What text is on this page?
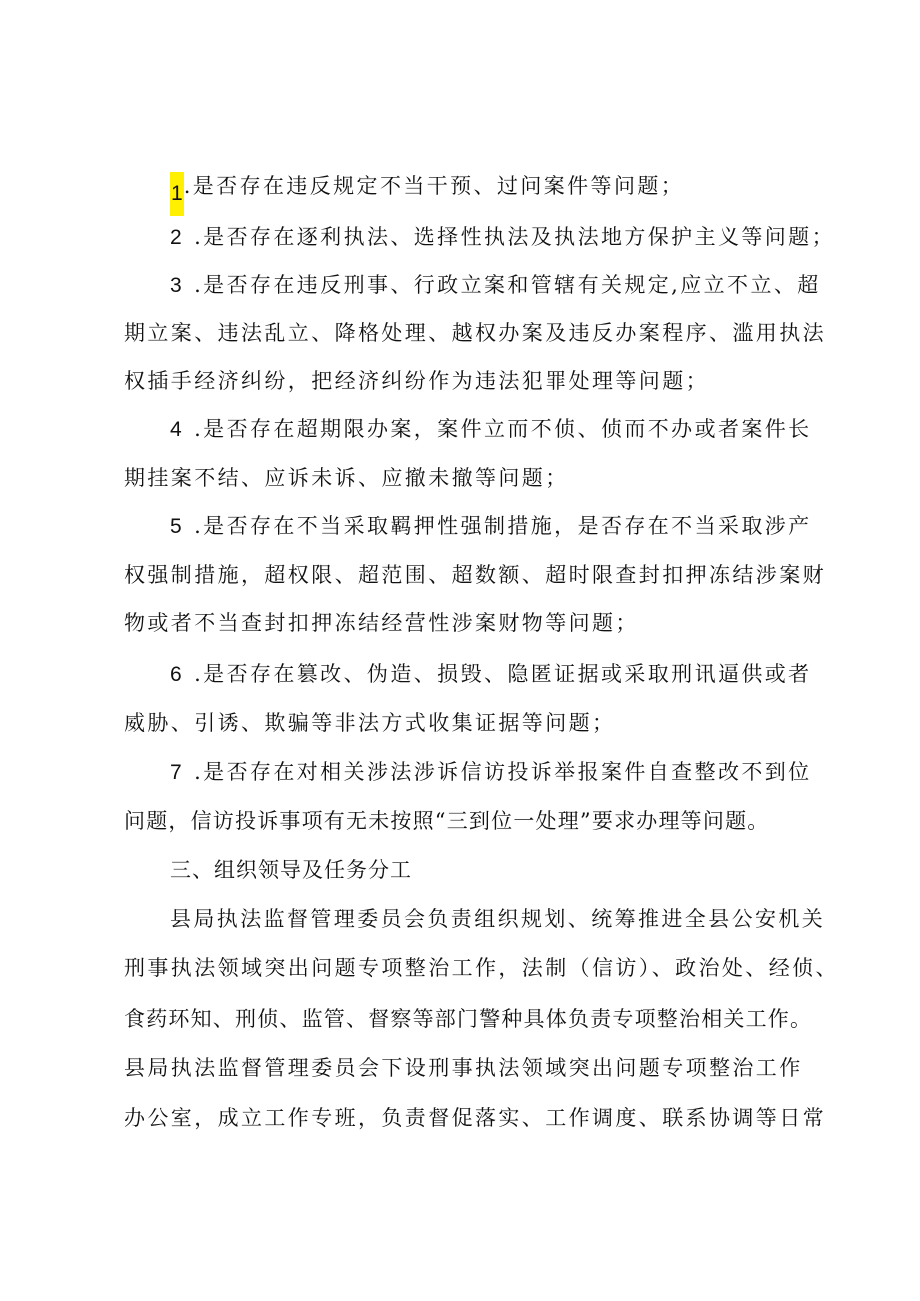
1.是否存在违反规定不当干预、过问案件等问题；
2 .是否存在逐利执法、选择性执法及执法地方保护主义等问题；
3 .是否存在违反刑事、行政立案和管辖有关规定,应立不立、超
期立案、违法乱立、降格处理、越权办案及违反办案程序、滥用执法
权插手经济纠纷，把经济纠纷作为违法犯罪处理等问题；
4 .是否存在超期限办案，案件立而不侦、侦而不办或者案件长
期挂案不结、应诉未诉、应撤未撤等问题；
5 .是否存在不当采取羁押性强制措施，是否存在不当采取涉产
权强制措施，超权限、超范围、超数额、超时限查封扣押冻结涉案财
物或者不当查封扣押冻结经营性涉案财物等问题；
6 .是否存在篡改、伪造、损毁、隐匿证据或采取刑讯逼供或者
威胁、引诱、欺骗等非法方式收集证据等问题；
7 .是否存在对相关涉法涉诉信访投诉举报案件自查整改不到位
问题，信访投诉事项有无未按照“三到位一处理”要求办理等问题。
三、组织领导及任务分工
县局执法监督管理委员会负责组织规划、统筹推进全县公安机关
刑事执法领域突出问题专项整治工作，法制（信访）、政治处、经侦、
食药环知、刑侦、监管、督察等部门警种具体负责专项整治相关工作。
县局执法监督管理委员会下设刑事执法领域突出问题专项整治工作
办公室，成立工作专班，负责督促落实、工作调度、联系协调等日常
